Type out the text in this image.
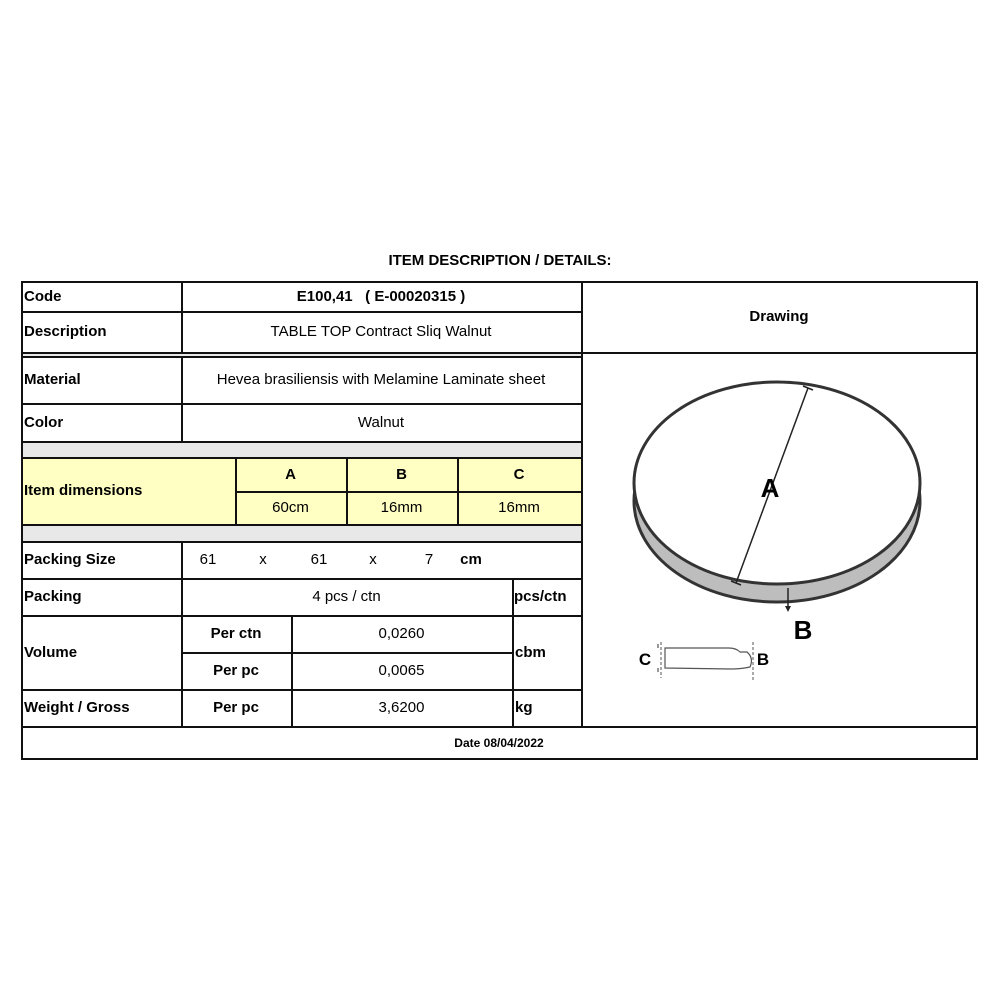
ITEM DESCRIPTION / DETAILS:
Code	E100,41   ( E-00020315 )
Description	TABLE TOP Contract Sliq Walnut
Material	Hevea brasiliensis with Melamine Laminate sheet
Color	Walnut
Item dimensions
A	B	C
60cm	16mm	16mm
Packing Size	61	x	61	x	7	cm
Packing	4 pcs / ctn	pcs/ctn
Volume
Per ctn	0,0260
Per pc	0,0065
cbm
Weight / Gross	Per pc	3,6200	kg
Date 08/04/2022
Drawing
A
B
C	B
